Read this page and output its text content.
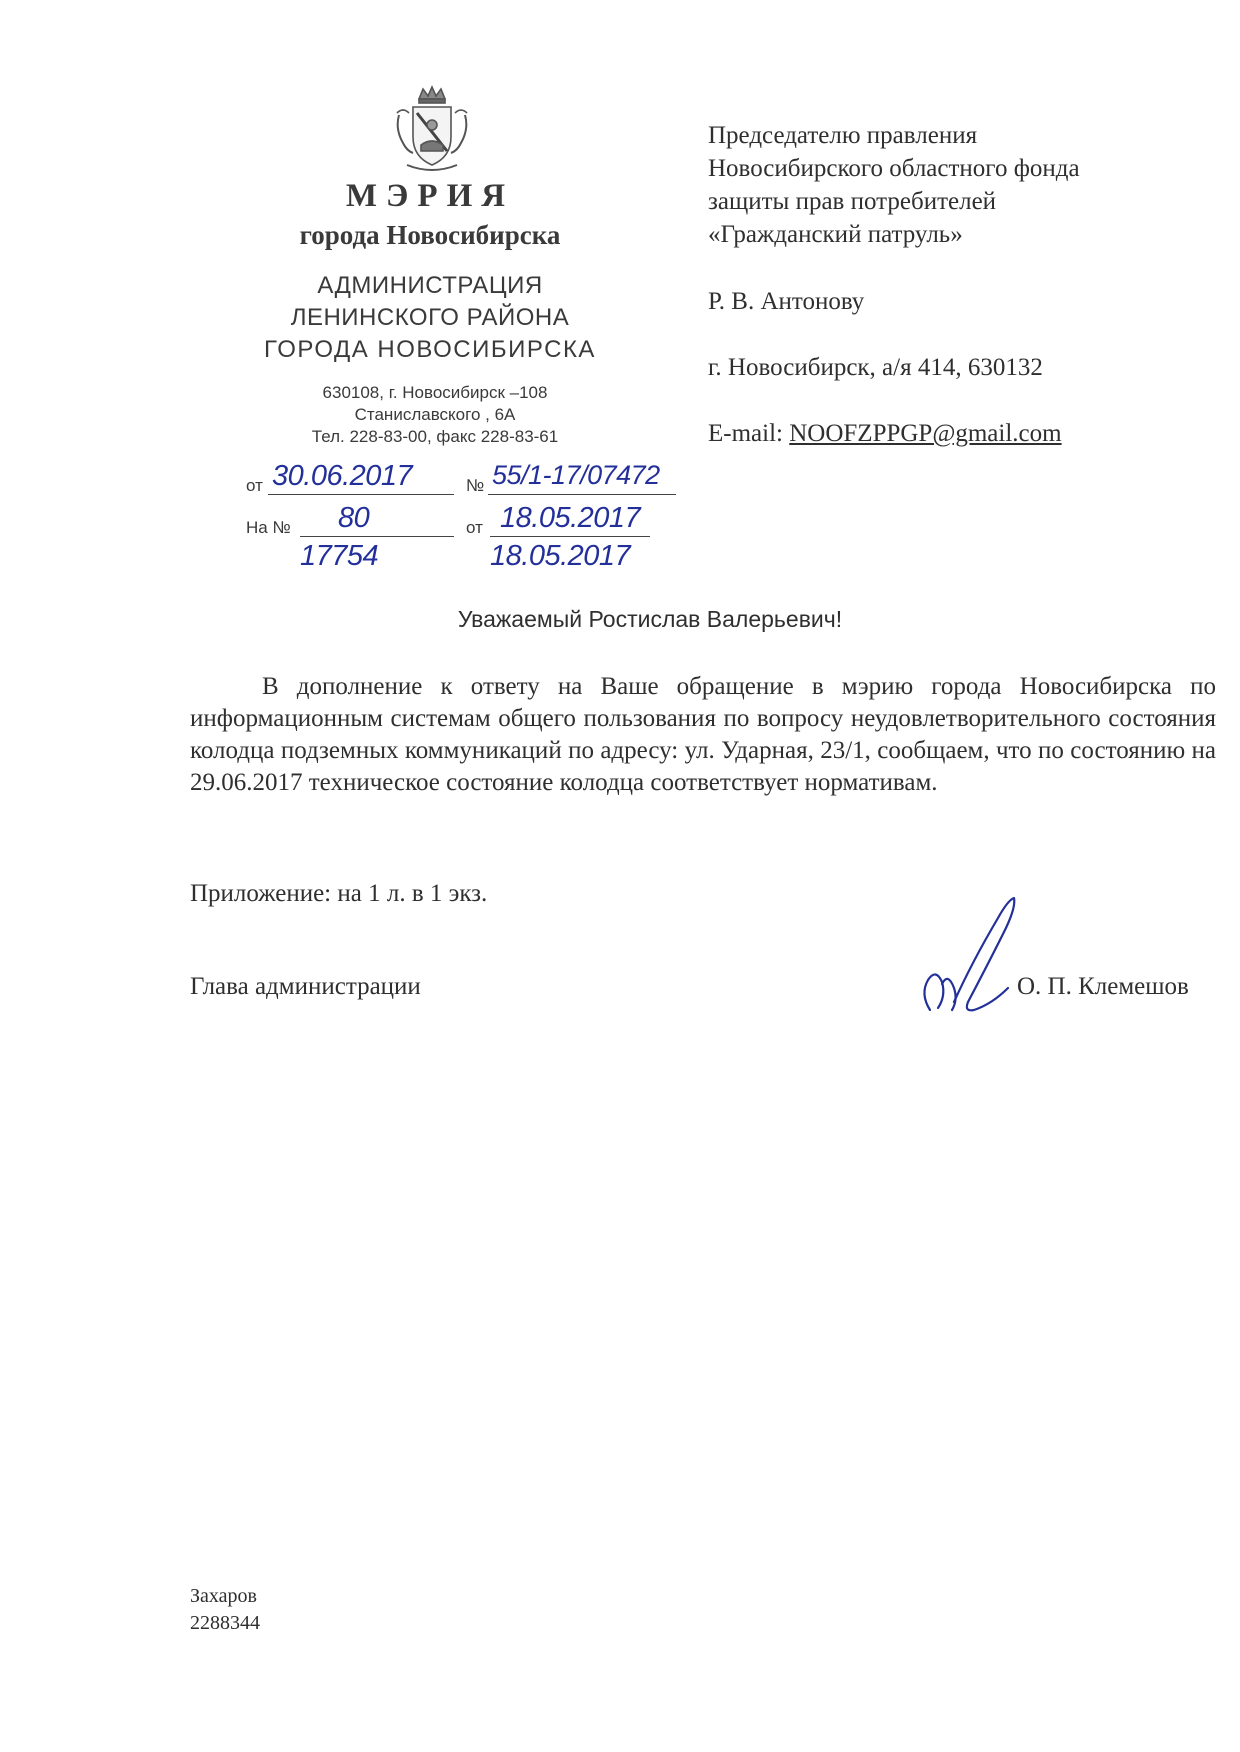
МЭРИЯ
города Новосибирска
АДМИНИСТРАЦИЯ
ЛЕНИНСКОГО РАЙОНА
ГОРОДА НОВОСИБИРСКА
630108, г. Новосибирск –108
Станиславского , 6А
Тел. 228-83-00, факс 228-83-61
от 30.06.2017	№ 55/1-17/07472
На № 80
17754
от 18.05.2017
18.05.2017
Председателю правления
Новосибирского областного фонда
защиты прав потребителей
«Гражданский патруль»
Р. В. Антонову
г. Новосибирск, а/я 414, 630132
E-mail: NOOFZPPGP@gmail.com
Уважаемый Ростислав Валерьевич!
В дополнение к ответу на Ваше обращение в мэрию города Новосибирска по информационным системам общего пользования по вопросу неудовлетворительного состояния колодца подземных коммуникаций по адресу: ул. Ударная, 23/1, сообщаем, что по состоянию на 29.06.2017 техническое состояние колодца соответствует нормативам.
Приложение: на 1 л. в 1 экз.
Глава администрации	О. П. Клемешов
Захаров
2288344
